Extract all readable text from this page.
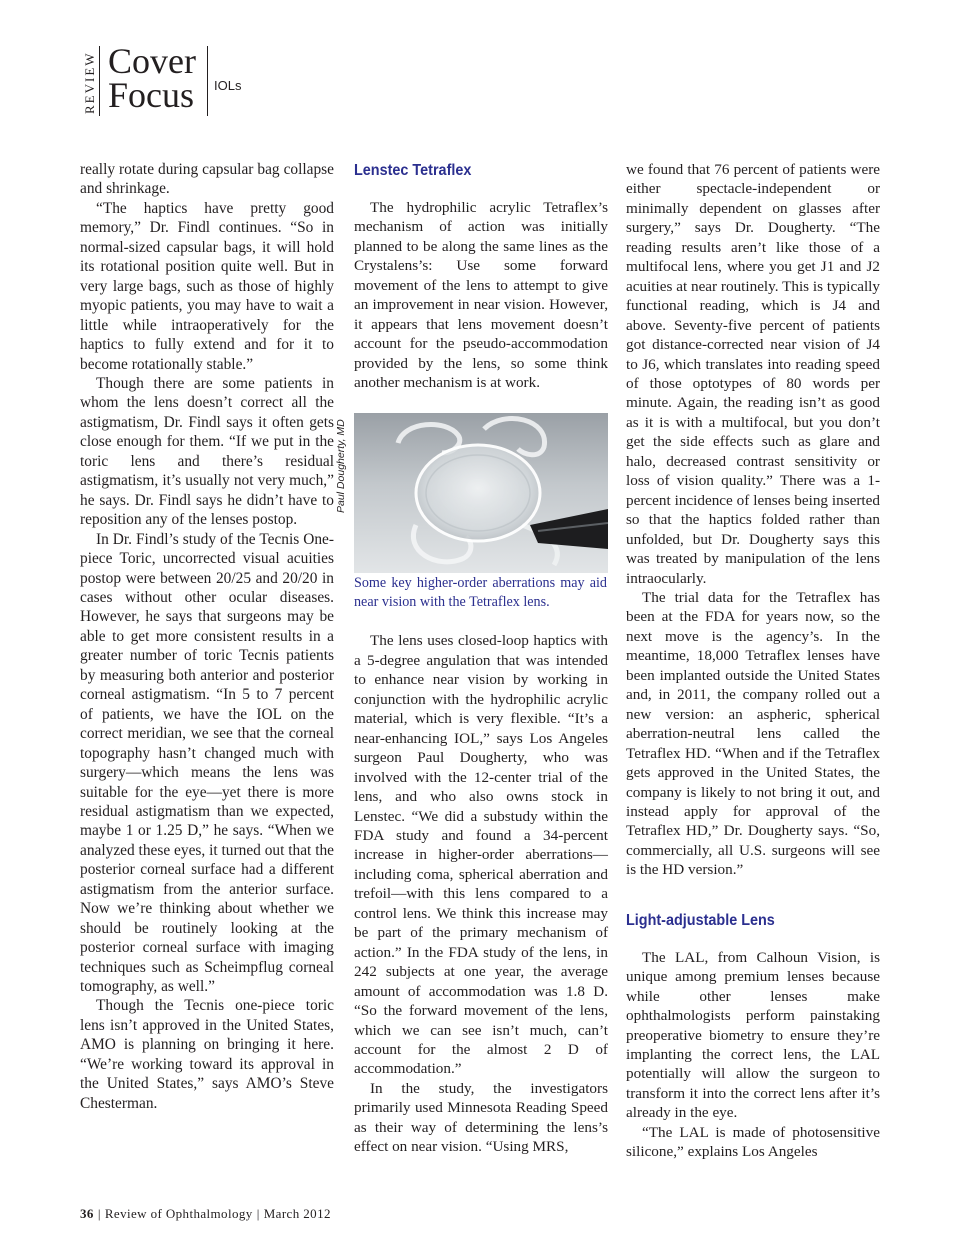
REVIEW Cover
Focus IOLs

really rotate during capsular bag collapse and shrinkage.

“The haptics have pretty good memory,” Dr. Findl continues. “So in normal-sized capsular bags, it will hold its rotational position quite well. But in very large bags, such as those of highly myopic patients, you may have to wait a little while intraoperatively for the haptics to fully extend and for it to become rotationally stable.”

Though there are some patients in whom the lens doesn’t correct all the astigmatism, Dr. Findl says it often gets close enough for them. “If we put in the toric lens and there’s residual astigmatism, it’s usually not very much,” he says. Dr. Findl says he didn’t have to reposition any of the lenses postop.

In Dr. Findl’s study of the Tecnis One-piece Toric, uncorrected visual acuities postop were between 20/25 and 20/20 in cases without other ocular diseases. However, he says that surgeons may be able to get more consistent results in a greater number of toric Tecnis patients by measuring both anterior and posterior corneal astigmatism. “In 5 to 7 percent of patients, we have the IOL on the correct meridian, we see that the corneal topography hasn’t changed much with surgery—which means the lens was suitable for the eye—yet there is more residual astigmatism than we expected, maybe 1 or 1.25 D,” he says. “When we analyzed these eyes, it turned out that the posterior corneal surface had a different astigmatism from the anterior surface. Now we’re thinking about whether we should be routinely looking at the posterior corneal surface with imaging techniques such as Scheimpflug corneal tomography, as well.”

Though the Tecnis one-piece toric lens isn’t approved in the United States, AMO is planning on bringing it here. “We’re working toward its approval in the United States,” says AMO’s Steve Chesterman.

Lenstec Tetraflex

The hydrophilic acrylic Tetraflex’s mechanism of action was initially planned to be along the same lines as the Crystalens’s: Use some forward movement of the lens to attempt to give an improvement in near vision. However, it appears that lens movement doesn’t account for the pseudo-accommodation provided by the lens, so some think another mechanism is at work.

Paul Dougherty, MD

Some key higher-order aberrations may aid near vision with the Tetraflex lens.

The lens uses closed-loop haptics with a 5-degree angulation that was intended to enhance near vision by working in conjunction with the hydrophilic acrylic material, which is very flexible. “It’s a near-enhancing IOL,” says Los Angeles surgeon Paul Dougherty, who was involved with the 12-center trial of the lens, and who also owns stock in Lenstec. “We did a substudy within the FDA study and found a 34-percent increase in higher-order aberrations—including coma, spherical aberration and trefoil—with this lens compared to a control lens. We think this increase may be part of the primary mechanism of action.” In the FDA study of the lens, in 242 subjects at one year, the average amount of accommodation was 1.8 D. “So the forward movement of the lens, which we can see isn’t much, can’t account for the almost 2 D of accommodation.”

In the study, the investigators primarily used Minnesota Reading Speed as their way of determining the lens’s effect on near vision. “Using MRS,

we found that 76 percent of patients were either spectacle-independent or minimally dependent on glasses after surgery,” says Dr. Dougherty. “The reading results aren’t like those of a multifocal lens, where you get J1 and J2 acuities at near routinely. This is typically functional reading, which is J4 and above. Seventy-five percent of patients got distance-corrected near vision of J4 to J6, which translates into reading speed of those optotypes of 80 words per minute. Again, the reading isn’t as good as it is with a multifocal, but you don’t get the side effects such as glare and halo, decreased contrast sensitivity or loss of vision quality.” There was a 1-percent incidence of lenses being inserted so that the haptics folded rather than unfolded, but Dr. Dougherty says this was treated by manipulation of the lens intraocularly.

The trial data for the Tetraflex has been at the FDA for years now, so the next move is the agency’s. In the meantime, 18,000 Tetraflex lenses have been implanted outside the United States and, in 2011, the company rolled out a new version: an aspheric, spherical aberration-neutral lens called the Tetraflex HD. “When and if the Tetraflex gets approved in the United States, the company is likely to not bring it out, and instead apply for approval of the Tetraflex HD,” Dr. Dougherty says. “So, commercially, all U.S. surgeons will see is the HD version.”

Light-adjustable Lens

The LAL, from Calhoun Vision, is unique among premium lenses because while other lenses make ophthalmologists perform painstaking preoperative biometry to ensure they’re implanting the correct lens, the LAL potentially will allow the surgeon to transform it into the correct lens after it’s already in the eye.

“The LAL is made of photosensitive silicone,” explains Los Angeles

36 | Review of Ophthalmology | March 2012
